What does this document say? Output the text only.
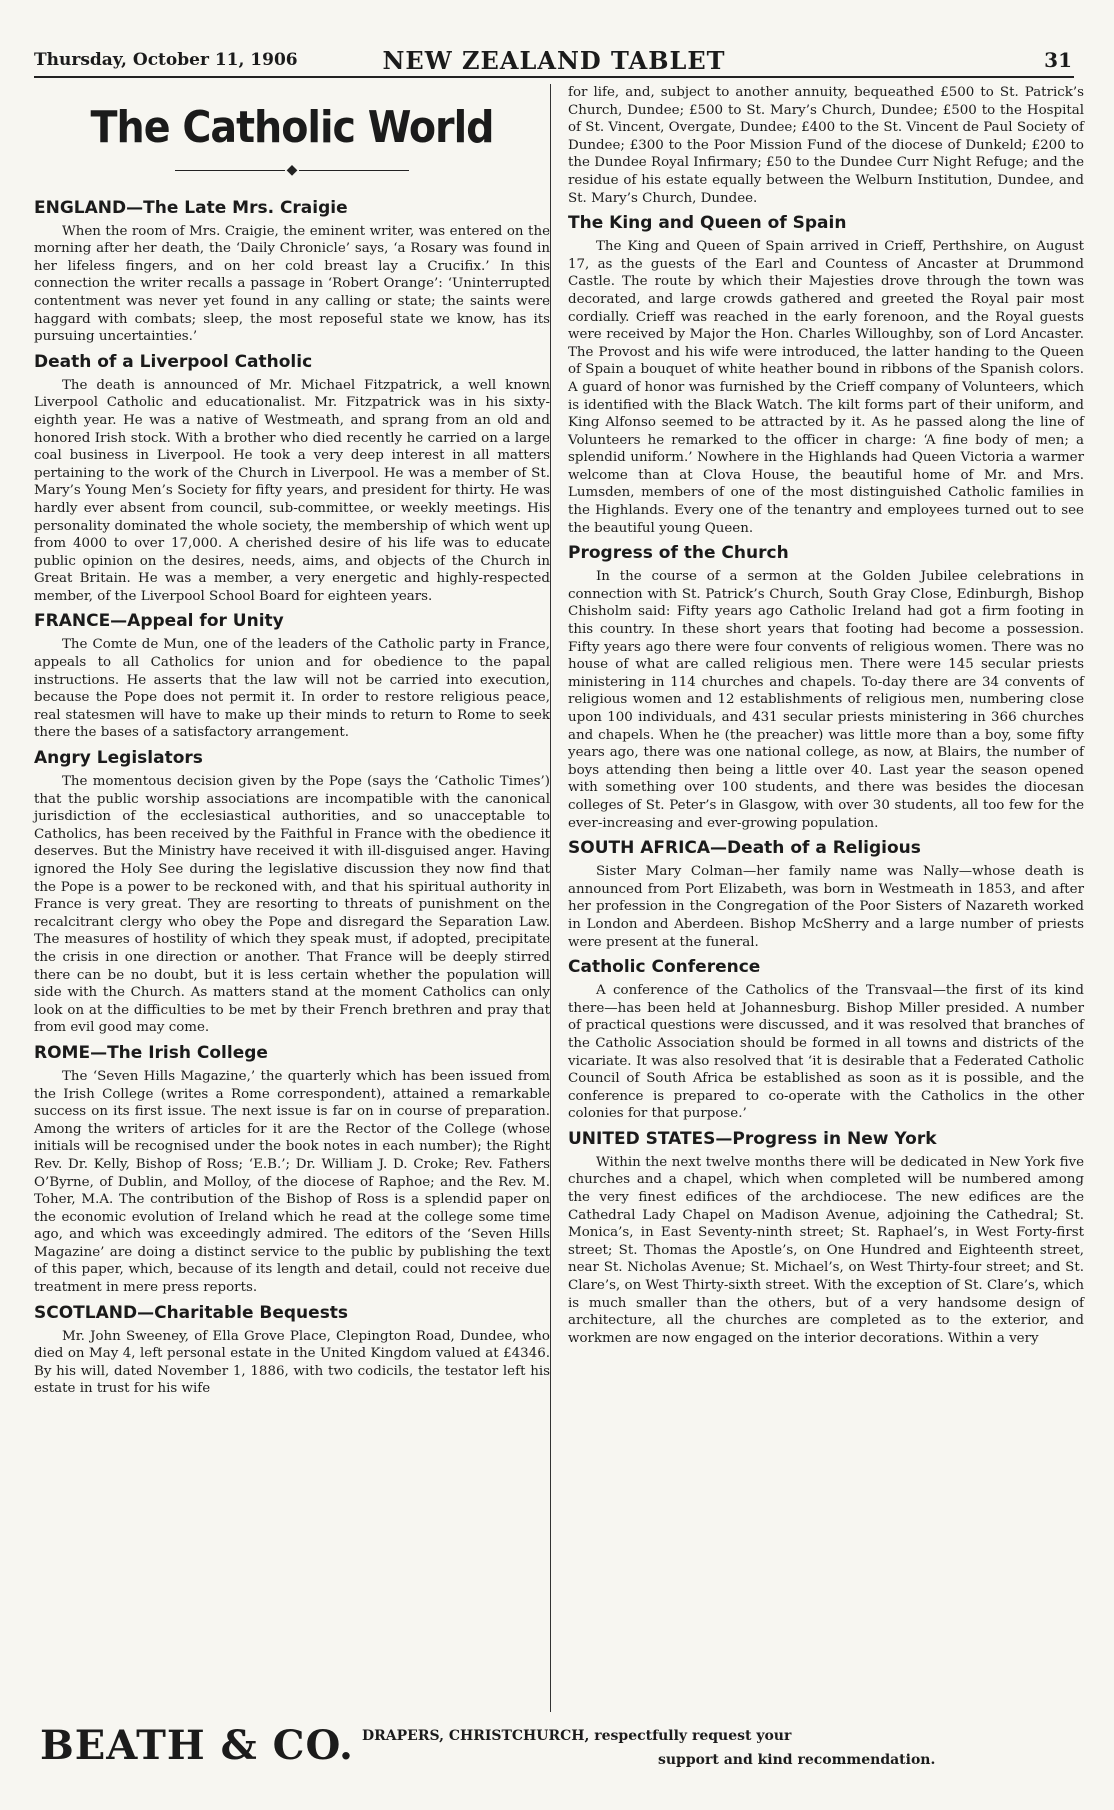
Thursday, October 11, 1906	NEW ZEALAND TABLET	31
The Catholic World
◆
ENGLAND—The Late Mrs. Craigie

When the room of Mrs. Craigie, the eminent writer, was entered on the morning after her death, the ‘Daily Chronicle’ says, ‘a Rosary was found in her lifeless fingers, and on her cold breast lay a Crucifix.’ In this connection the writer recalls a passage in ‘Robert Orange’: ‘Uninterrupted contentment was never yet found in any calling or state; the saints were haggard with combats; sleep, the most reposeful state we know, has its pursuing uncertainties.’

Death of a Liverpool Catholic

The death is announced of Mr. Michael Fitzpatrick, a well known Liverpool Catholic and educationalist. Mr. Fitzpatrick was in his sixty-eighth year. He was a native of Westmeath, and sprang from an old and honored Irish stock. With a brother who died recently he carried on a large coal business in Liverpool. He took a very deep interest in all matters pertaining to the work of the Church in Liverpool. He was a member of St. Mary’s Young Men’s Society for fifty years, and president for thirty. He was hardly ever absent from council, sub-committee, or weekly meetings. His personality dominated the whole society, the membership of which went up from 4000 to over 17,000. A cherished desire of his life was to educate public opinion on the desires, needs, aims, and objects of the Church in Great Britain. He was a member, a very energetic and highly-respected member, of the Liverpool School Board for eighteen years.

FRANCE—Appeal for Unity

The Comte de Mun, one of the leaders of the Catholic party in France, appeals to all Catholics for union and for obedience to the papal instructions. He asserts that the law will not be carried into execution, because the Pope does not permit it. In order to restore religious peace, real statesmen will have to make up their minds to return to Rome to seek there the bases of a satisfactory arrangement.

Angry Legislators

The momentous decision given by the Pope (says the ‘Catholic Times’) that the public worship associations are incompatible with the canonical jurisdiction of the ecclesiastical authorities, and so unacceptable to Catholics, has been received by the Faithful in France with the obedience it deserves. But the Ministry have received it with ill-disguised anger. Having ignored the Holy See during the legislative discussion they now find that the Pope is a power to be reckoned with, and that his spiritual authority in France is very great. They are resorting to threats of punishment on the recalcitrant clergy who obey the Pope and disregard the Separation Law. The measures of hostility of which they speak must, if adopted, precipitate the crisis in one direction or another. That France will be deeply stirred there can be no doubt, but it is less certain whether the population will side with the Church. As matters stand at the moment Catholics can only look on at the difficulties to be met by their French brethren and pray that from evil good may come.

ROME—The Irish College

The ‘Seven Hills Magazine,’ the quarterly which has been issued from the Irish College (writes a Rome correspondent), attained a remarkable success on its first issue. The next issue is far on in course of preparation. Among the writers of articles for it are the Rector of the College (whose initials will be recognised under the book notes in each number); the Right Rev. Dr. Kelly, Bishop of Ross; ‘E.B.’; Dr. William J. D. Croke; Rev. Fathers O’Byrne, of Dublin, and Molloy, of the diocese of Raphoe; and the Rev. M. Toher, M.A. The contribution of the Bishop of Ross is a splendid paper on the economic evolution of Ireland which he read at the college some time ago, and which was exceedingly admired. The editors of the ‘Seven Hills Magazine’ are doing a distinct service to the public by publishing the text of this paper, which, because of its length and detail, could not receive due treatment in mere press reports.

SCOTLAND—Charitable Bequests

Mr. John Sweeney, of Ella Grove Place, Clepington Road, Dundee, who died on May 4, left personal estate in the United Kingdom valued at £4346. By his will, dated November 1, 1886, with two codicils, the testator left his estate in trust for his wife

for life, and, subject to another annuity, bequeathed £500 to St. Patrick’s Church, Dundee; £500 to St. Mary’s Church, Dundee; £500 to the Hospital of St. Vincent, Overgate, Dundee; £400 to the St. Vincent de Paul Society of Dundee; £300 to the Poor Mission Fund of the diocese of Dunkeld; £200 to the Dundee Royal Infirmary; £50 to the Dundee Curr Night Refuge; and the residue of his estate equally between the Welburn Institution, Dundee, and St. Mary’s Church, Dundee.

The King and Queen of Spain

The King and Queen of Spain arrived in Crieff, Perthshire, on August 17, as the guests of the Earl and Countess of Ancaster at Drummond Castle. The route by which their Majesties drove through the town was decorated, and large crowds gathered and greeted the Royal pair most cordially. Crieff was reached in the early forenoon, and the Royal guests were received by Major the Hon. Charles Willoughby, son of Lord Ancaster. The Provost and his wife were introduced, the latter handing to the Queen of Spain a bouquet of white heather bound in ribbons of the Spanish colors. A guard of honor was furnished by the Crieff company of Volunteers, which is identified with the Black Watch. The kilt forms part of their uniform, and King Alfonso seemed to be attracted by it. As he passed along the line of Volunteers he remarked to the officer in charge: ‘A fine body of men; a splendid uniform.’ Nowhere in the Highlands had Queen Victoria a warmer welcome than at Clova House, the beautiful home of Mr. and Mrs. Lumsden, members of one of the most distinguished Catholic families in the Highlands. Every one of the tenantry and employees turned out to see the beautiful young Queen.

Progress of the Church

In the course of a sermon at the Golden Jubilee celebrations in connection with St. Patrick’s Church, South Gray Close, Edinburgh, Bishop Chisholm said: Fifty years ago Catholic Ireland had got a firm footing in this country. In these short years that footing had become a possession. Fifty years ago there were four convents of religious women. There was no house of what are called religious men. There were 145 secular priests ministering in 114 churches and chapels. To-day there are 34 convents of religious women and 12 establishments of religious men, numbering close upon 100 individuals, and 431 secular priests ministering in 366 churches and chapels. When he (the preacher) was little more than a boy, some fifty years ago, there was one national college, as now, at Blairs, the number of boys attending then being a little over 40. Last year the season opened with something over 100 students, and there was besides the diocesan colleges of St. Peter’s in Glasgow, with over 30 students, all too few for the ever-increasing and ever-growing population.

SOUTH AFRICA—Death of a Religious

Sister Mary Colman—her family name was Nally—whose death is announced from Port Elizabeth, was born in Westmeath in 1853, and after her profession in the Congregation of the Poor Sisters of Nazareth worked in London and Aberdeen. Bishop McSherry and a large number of priests were present at the funeral.

Catholic Conference

A conference of the Catholics of the Transvaal—the first of its kind there—has been held at Johannesburg. Bishop Miller presided. A number of practical questions were discussed, and it was resolved that branches of the Catholic Association should be formed in all towns and districts of the vicariate. It was also resolved that ‘it is desirable that a Federated Catholic Council of South Africa be established as soon as it is possible, and the conference is prepared to co-operate with the Catholics in the other colonies for that purpose.’

UNITED STATES—Progress in New York

Within the next twelve months there will be dedicated in New York five churches and a chapel, which when completed will be numbered among the very finest edifices of the archdiocese. The new edifices are the Cathedral Lady Chapel on Madison Avenue, adjoining the Cathedral; St. Monica’s, in East Seventy-ninth street; St. Raphael’s, in West Forty-first street; St. Thomas the Apostle’s, on One Hundred and Eighteenth street, near St. Nicholas Avenue; St. Michael’s, on West Thirty-four street; and St. Clare’s, on West Thirty-sixth street. With the exception of St. Clare’s, which is much smaller than the others, but of a very handsome design of architecture, all the churches are completed as to the exterior, and workmen are now engaged on the interior decorations. Within a very

BEATH & CO. DRAPERS, CHRISTCHURCH, respectfully request your
support and kind recommendation.
